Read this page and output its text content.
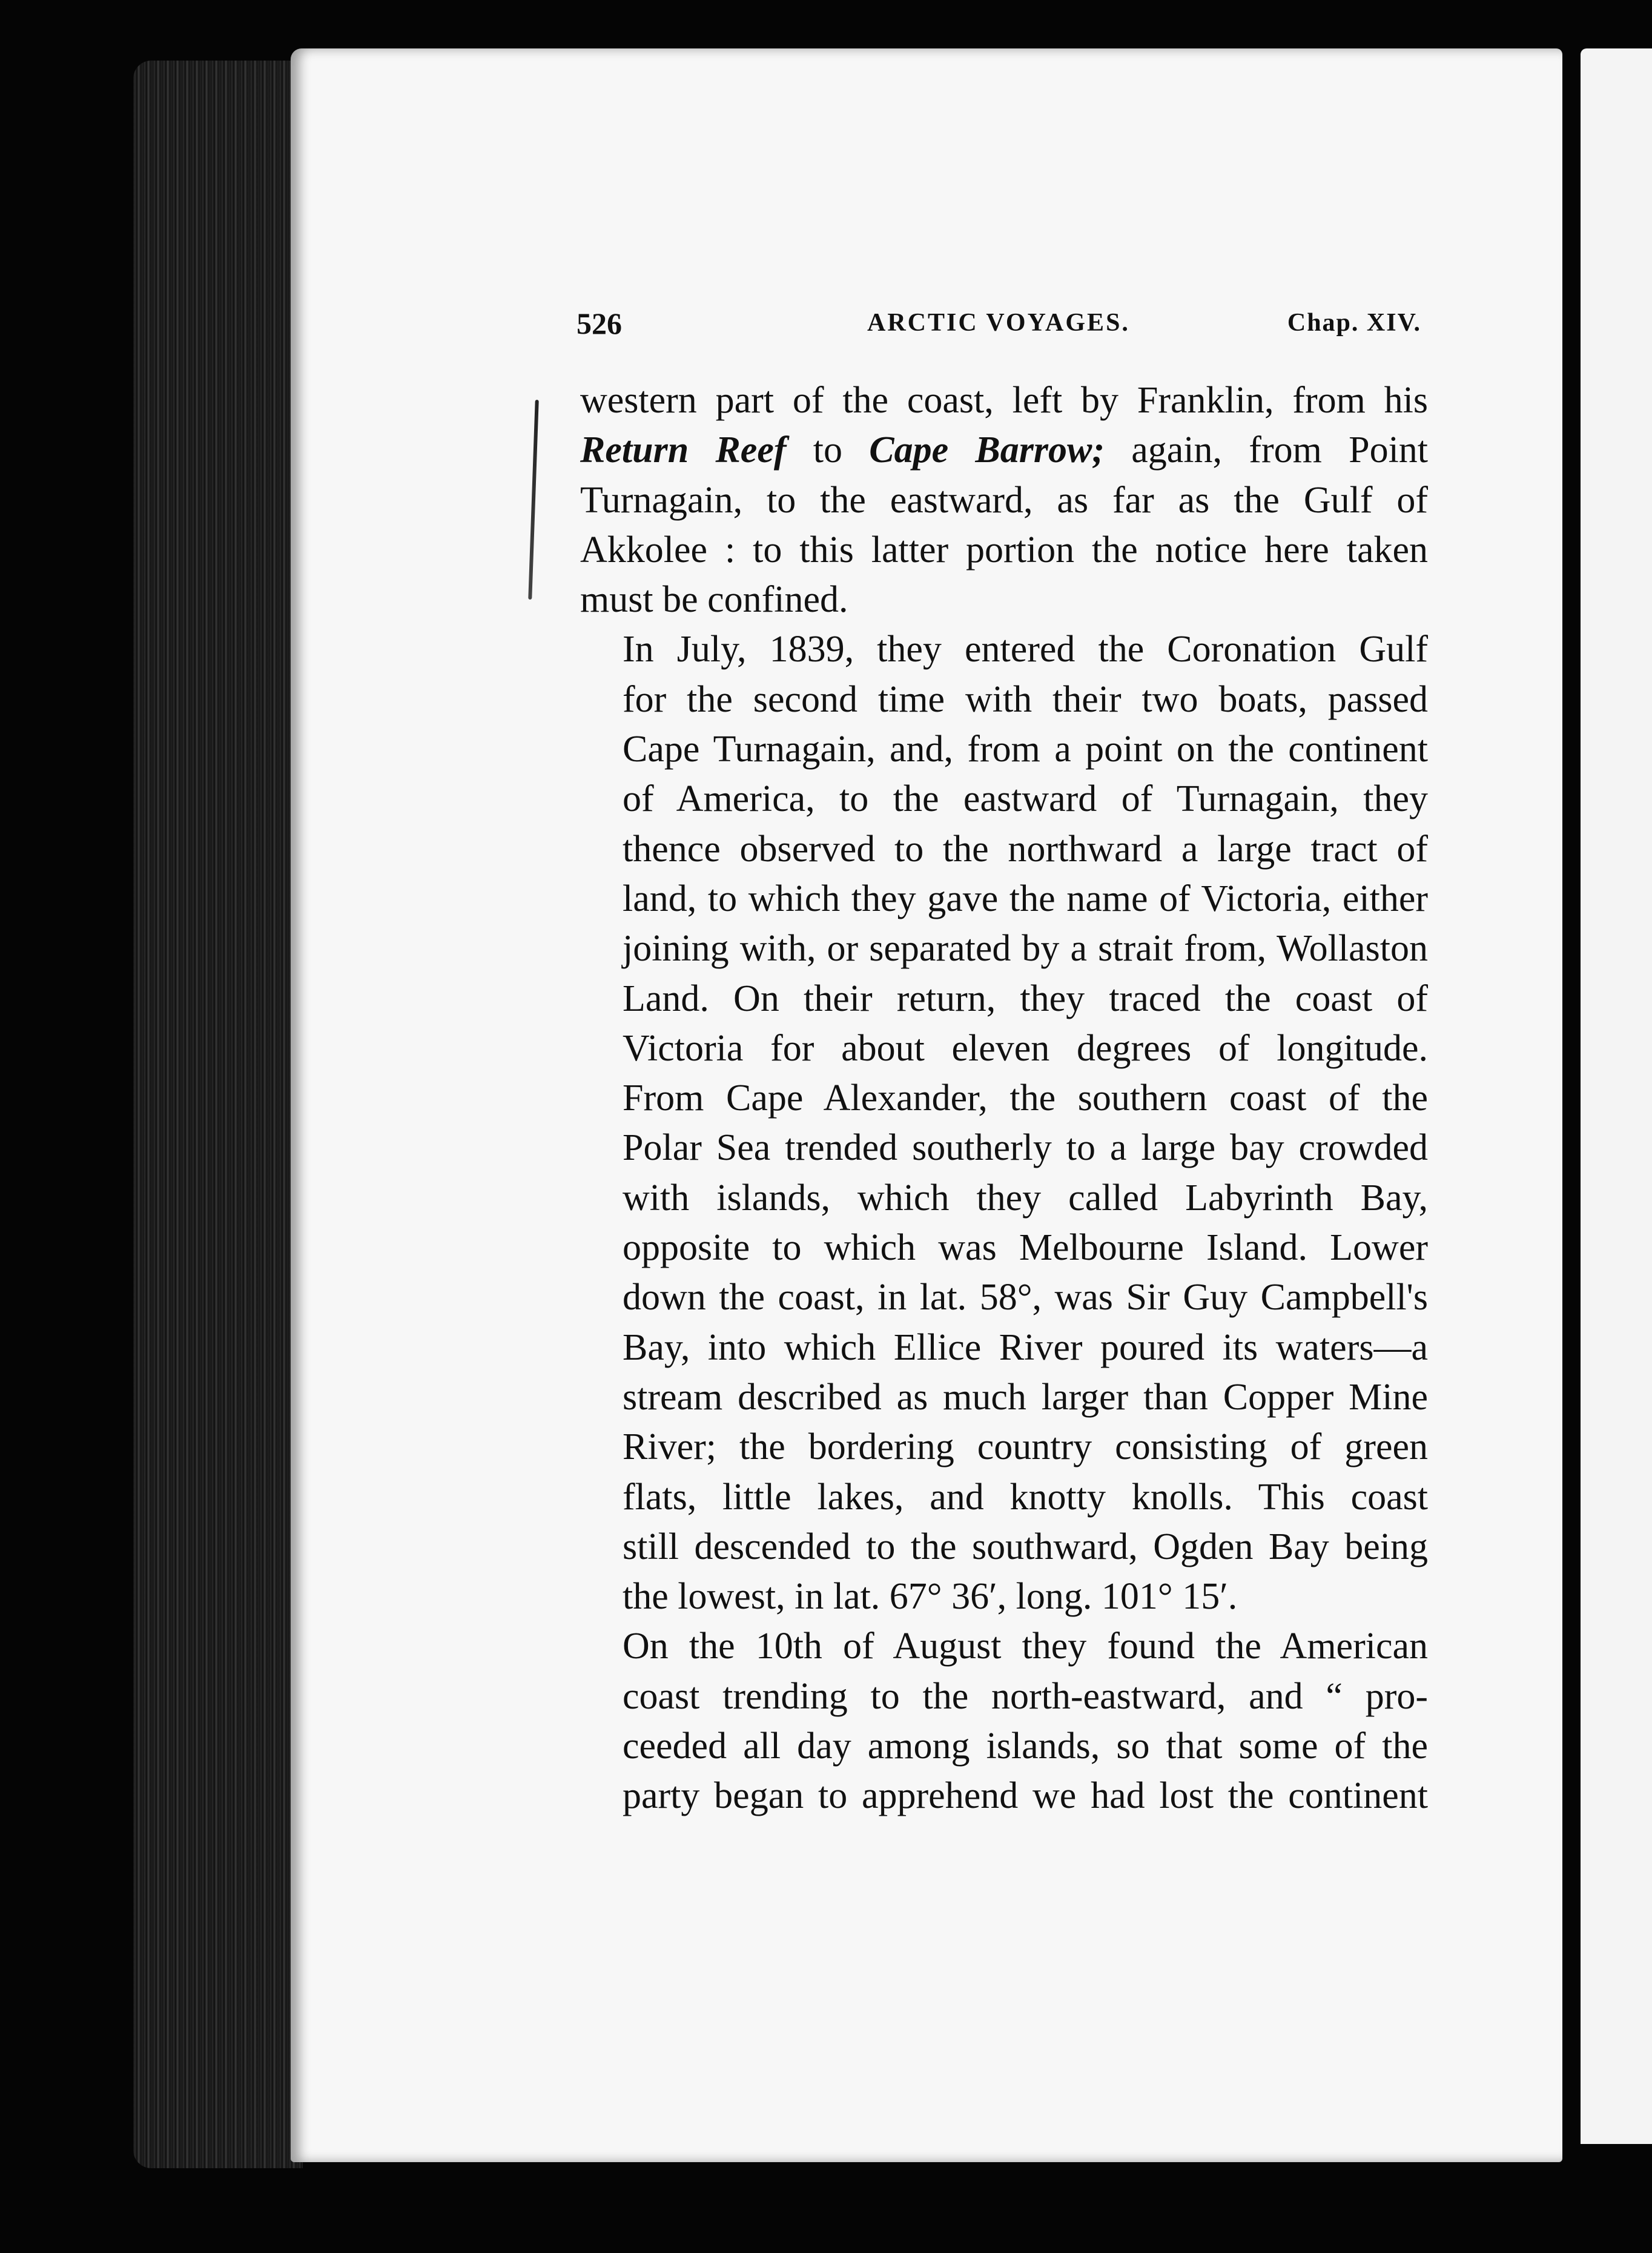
526	ARCTIC VOYAGES.	Chap. XIV.

western part of the coast, left by Franklin, from his
Return Reef to Cape Barrow; again, from Point
Turnagain, to the eastward, as far as the Gulf of
Akkolee : to this latter portion the notice here taken
must be confined.

In July, 1839, they entered the Coronation Gulf
for the second time with their two boats, passed
Cape Turnagain, and, from a point on the continent
of America, to the eastward of Turnagain, they
thence observed to the northward a large tract of
land, to which they gave the name of Victoria, either
joining with, or separated by a strait from, Wollaston
Land. On their return, they traced the coast of
Victoria for about eleven degrees of longitude.
From Cape Alexander, the southern coast of the
Polar Sea trended southerly to a large bay crowded
with islands, which they called Labyrinth Bay,
opposite to which was Melbourne Island. Lower
down the coast, in lat. 58°, was Sir Guy Campbell's
Bay, into which Ellice River poured its waters—a
stream described as much larger than Copper Mine
River; the bordering country consisting of green
flats, little lakes, and knotty knolls. This coast
still descended to the southward, Ogden Bay being
the lowest, in lat. 67° 36′, long. 101° 15′.

On the 10th of August they found the American
coast trending to the north-eastward, and “ pro-
ceeded all day among islands, so that some of the
party began to apprehend we had lost the continent
